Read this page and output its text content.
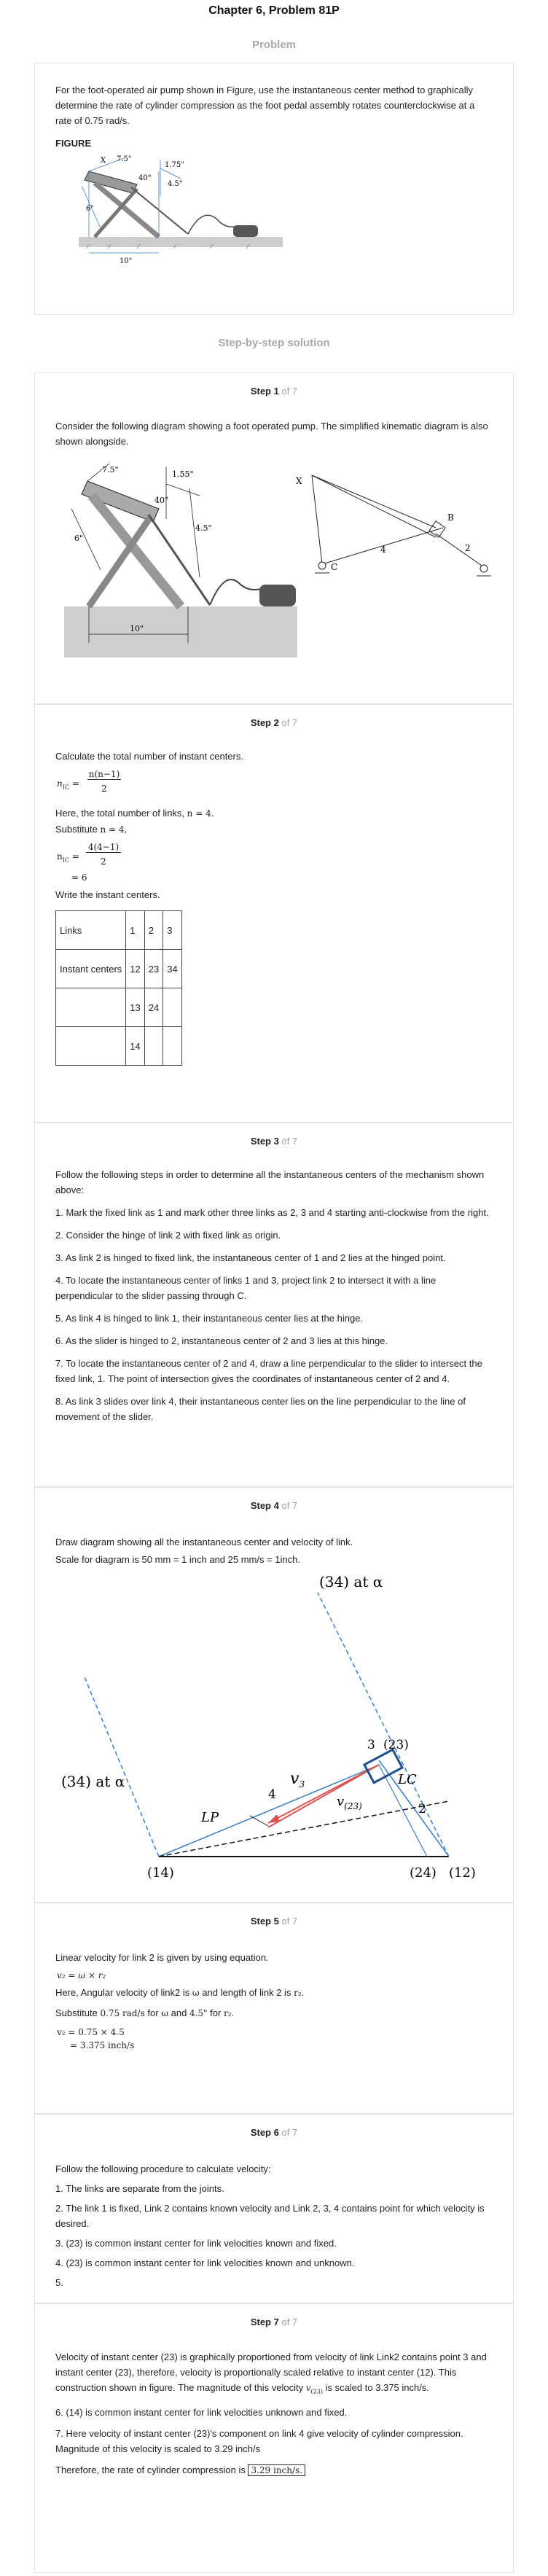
Chapter 6, Problem 81P
Problem

For the foot-operated air pump shown in Figure, use the instantaneous center method to graphically determine the rate of cylinder compression as the foot pedal assembly rotates counterclockwise at a rate of 0.75 rad/s.

FIGURE
X 7.5"
1.75"
40°
4.5"
6"
10"
Step-by-step solution
Step 1 of 7

Consider the following diagram showing a foot operated pump. The simplified kinematic diagram is also shown alongside.

7.5"	1.55"
40°
4.5"
6"
10"
X
B
C
2
4
Step 2 of 7

Calculate the total number of instant centers.

$n_{IC}$ =
n(n−1)
2

Here, the total number of links, n = 4.

Substitute n = 4,

$n_{IC}$ =
4(4−1)
2
= 6

Write the instant centers.

Links	1	2	3
Instant centers	12	23	34
	13	24	
	14		
Step 3 of 7

Follow the following steps in order to determine all the instantaneous centers of the mechanism shown above:

1. Mark the fixed link as 1 and mark other three links as 2, 3 and 4 starting anti-clockwise from the right.

2. Consider the hinge of link 2 with fixed link as origin.

3. As link 2 is hinged to fixed link, the instantaneous center of 1 and 2 lies at the hinged point.

4. To locate the instantaneous center of links 1 and 3, project link 2 to intersect it with a line perpendicular to the slider passing through C.

5. As link 4 is hinged to link 1, their instantaneous center lies at the hinge.

6. As the slider is hinged to 2, instantaneous center of 2 and 3 lies at this hinge.

7. To locate the instantaneous center of 2 and 4, draw a line perpendicular to the slider to intersect the fixed link, 1. The point of intersection gives the coordinates of instantaneous center of 2 and 4.

8. As link 3 slides over link 4, their instantaneous center lies on the line perpendicular to the line of movement of the slider.

Step 4 of 7

Draw diagram showing all the instantaneous center and velocity of link.

Scale for diagram is 50 mm = 1 inch and 25 mm/s = 1inch.

(34) at α
(34) at α
3 (23)
LC
2
4
$v_3$
$v_{(23)}$
LP
(14)	(24) (12)
Step 5 of 7

Linear velocity for link 2 is given by using equation.

v₂ = ω × r₂

Here, Angular velocity of link2 is ω and length of link 2 is r₂.

Substitute 0.75 rad/s for ω and 4.5" for r₂.

v₂ = 0.75 × 4.5
= 3.375 inch/s
Step 6 of 7

Follow the following procedure to calculate velocity:

1. The links are separate from the joints.

2. The link 1 is fixed, Link 2 contains known velocity and Link 2, 3, 4 contains point for which velocity is desired.

3. (23) is common instant center for link velocities known and fixed.

4. (23) is common instant center for link velocities known and unknown.

5.

Step 7 of 7

Velocity of instant center (23) is graphically proportioned from velocity of link Link2 contains point 3 and instant center (23), therefore, velocity is proportionally scaled relative to instant center (12). This construction shown in figure. The magnitude of this velocity $v_{(23)}$ is scaled to 3.375 inch/s.

6. (14) is common instant center for link velocities unknown and fixed.

7. Here velocity of instant center (23)'s component on link 4 give velocity of cylinder compression. Magnitude of this velocity is scaled to 3.29 inch/s

Therefore, the rate of cylinder compression is 3.29 inch/s.
